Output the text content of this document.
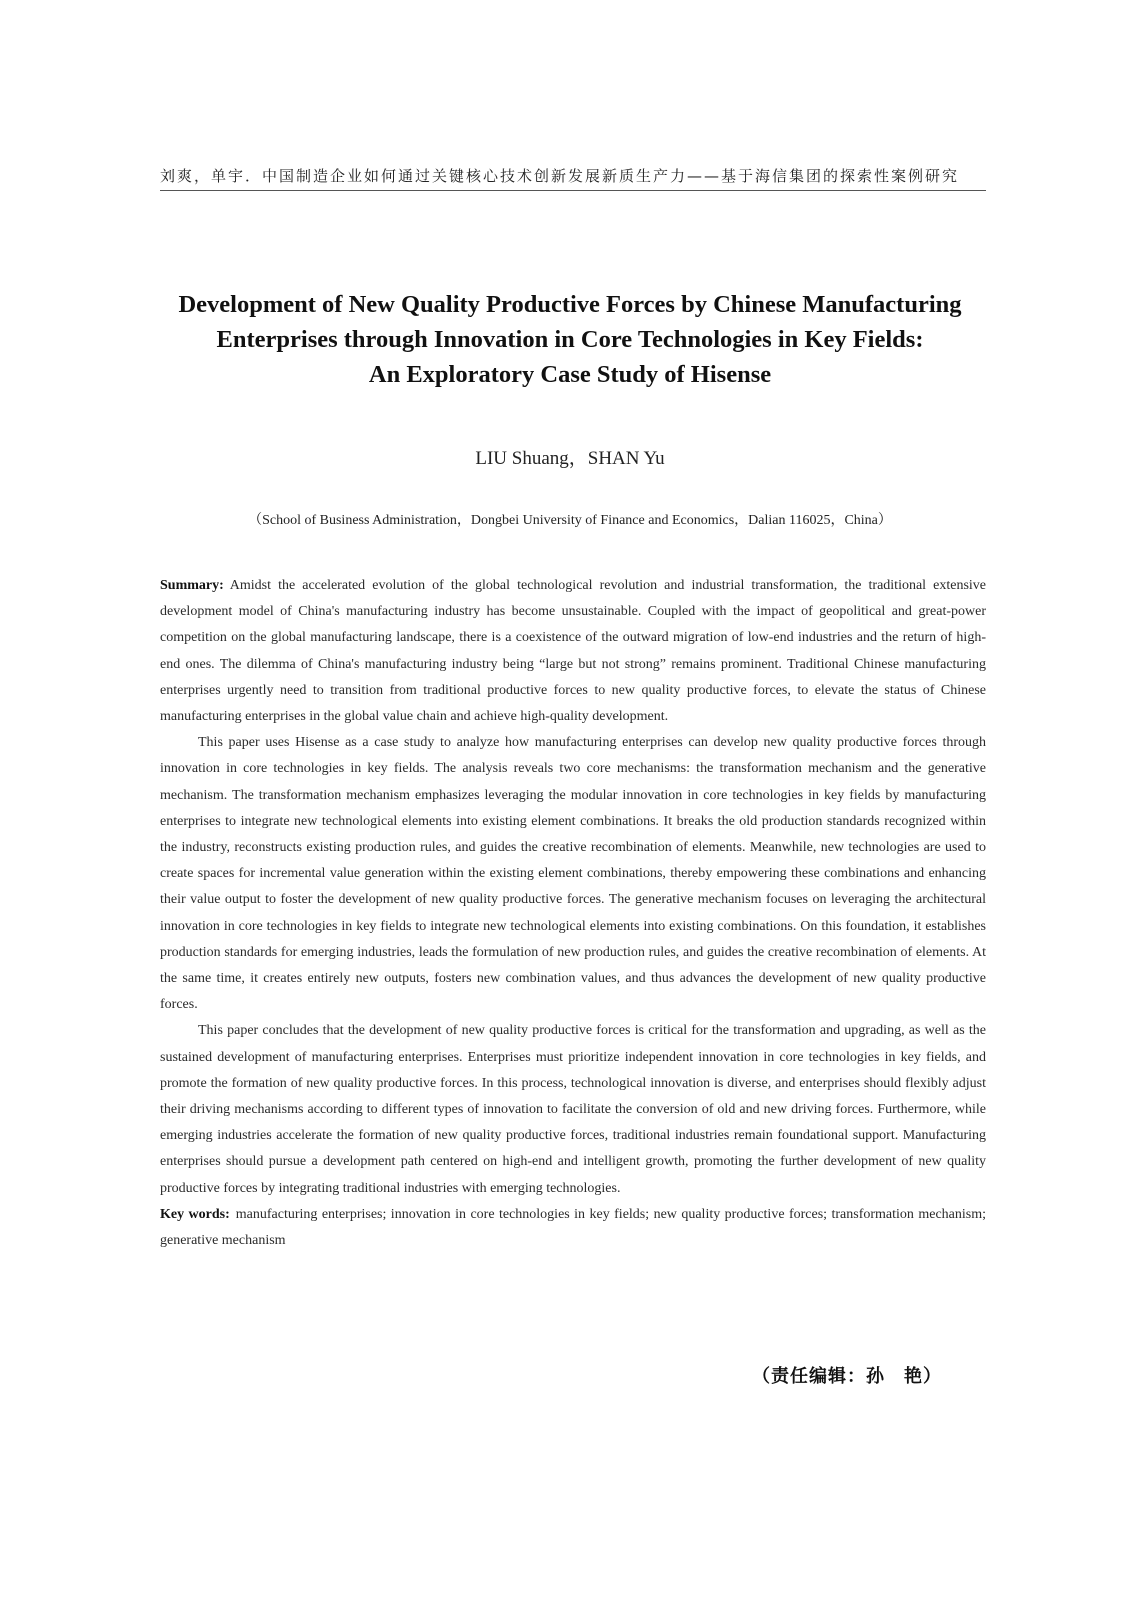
刘爽，单宇．中国制造企业如何通过关键核心技术创新发展新质生产力——基于海信集团的探索性案例研究
Development of New Quality Productive Forces by Chinese Manufacturing
Enterprises through Innovation in Core Technologies in Key Fields:
An Exploratory Case Study of Hisense
LIU Shuang，SHAN Yu
（School of Business Administration，Dongbei University of Finance and Economics，Dalian 116025，China）

Summary: Amidst the accelerated evolution of the global technological revolution and industrial transformation, the traditional extensive development model of China's manufacturing industry has become unsustainable. Coupled with the impact of geopolitical and great-power competition on the global manufacturing landscape, there is a coexistence of the outward migration of low-end industries and the return of high-end ones. The dilemma of China's manufacturing industry being “large but not strong” remains prominent. Traditional Chinese manufacturing enterprises urgently need to transition from traditional productive forces to new quality productive forces, to elevate the status of Chinese manufacturing enterprises in the global value chain and achieve high-quality development.

This paper uses Hisense as a case study to analyze how manufacturing enterprises can develop new quality productive forces through innovation in core technologies in key fields. The analysis reveals two core mechanisms: the transformation mechanism and the generative mechanism. The transformation mechanism emphasizes leveraging the modular innovation in core technologies in key fields by manufacturing enterprises to integrate new technological elements into existing element combinations. It breaks the old production standards recognized within the industry, reconstructs existing production rules, and guides the creative recombination of elements. Meanwhile, new technologies are used to create spaces for incremental value generation within the existing element combinations, thereby empowering these combinations and enhancing their value output to foster the development of new quality productive forces. The generative mechanism focuses on leveraging the architectural innovation in core technologies in key fields to integrate new technological elements into existing combinations. On this foundation, it establishes production standards for emerging industries, leads the formulation of new production rules, and guides the creative recombination of elements. At the same time, it creates entirely new outputs, fosters new combination values, and thus advances the development of new quality productive forces.

This paper concludes that the development of new quality productive forces is critical for the transformation and upgrading, as well as the sustained development of manufacturing enterprises. Enterprises must prioritize independent innovation in core technologies in key fields, and promote the formation of new quality productive forces. In this process, technological innovation is diverse, and enterprises should flexibly adjust their driving mechanisms according to different types of innovation to facilitate the conversion of old and new driving forces. Furthermore, while emerging industries accelerate the formation of new quality productive forces, traditional industries remain foundational support. Manufacturing enterprises should pursue a development path centered on high-end and intelligent growth, promoting the further development of new quality productive forces by integrating traditional industries with emerging technologies.

Key words: manufacturing enterprises; innovation in core technologies in key fields; new quality productive forces; transformation mechanism; generative mechanism

（责任编辑：孙　艳）
